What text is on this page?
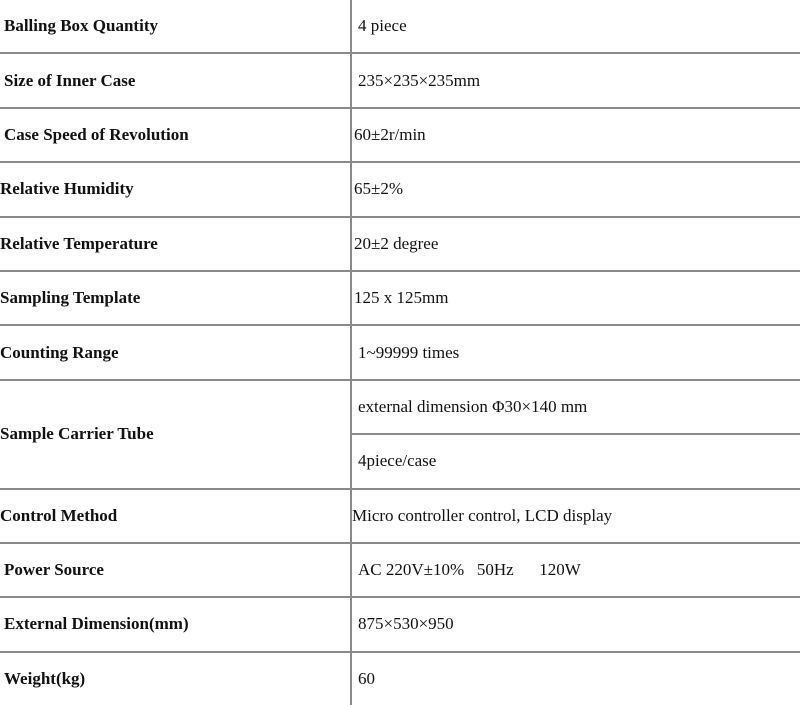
Balling Box Quantity	4 piece
Size of Inner Case	235×235×235mm
Case Speed of Revolution	60±2r/min
Relative Humidity	65±2%
Relative Temperature	20±2 degree
Sampling Template	125 x 125mm
Counting Range	1~99999 times
Sample Carrier Tube	external dimension Φ30×140 mm
	4piece/case
Control Method	Micro controller control, LCD display
Power Source	AC 220V±10%   50Hz      120W
External Dimension(mm)	875×530×950
Weight(kg)	60
